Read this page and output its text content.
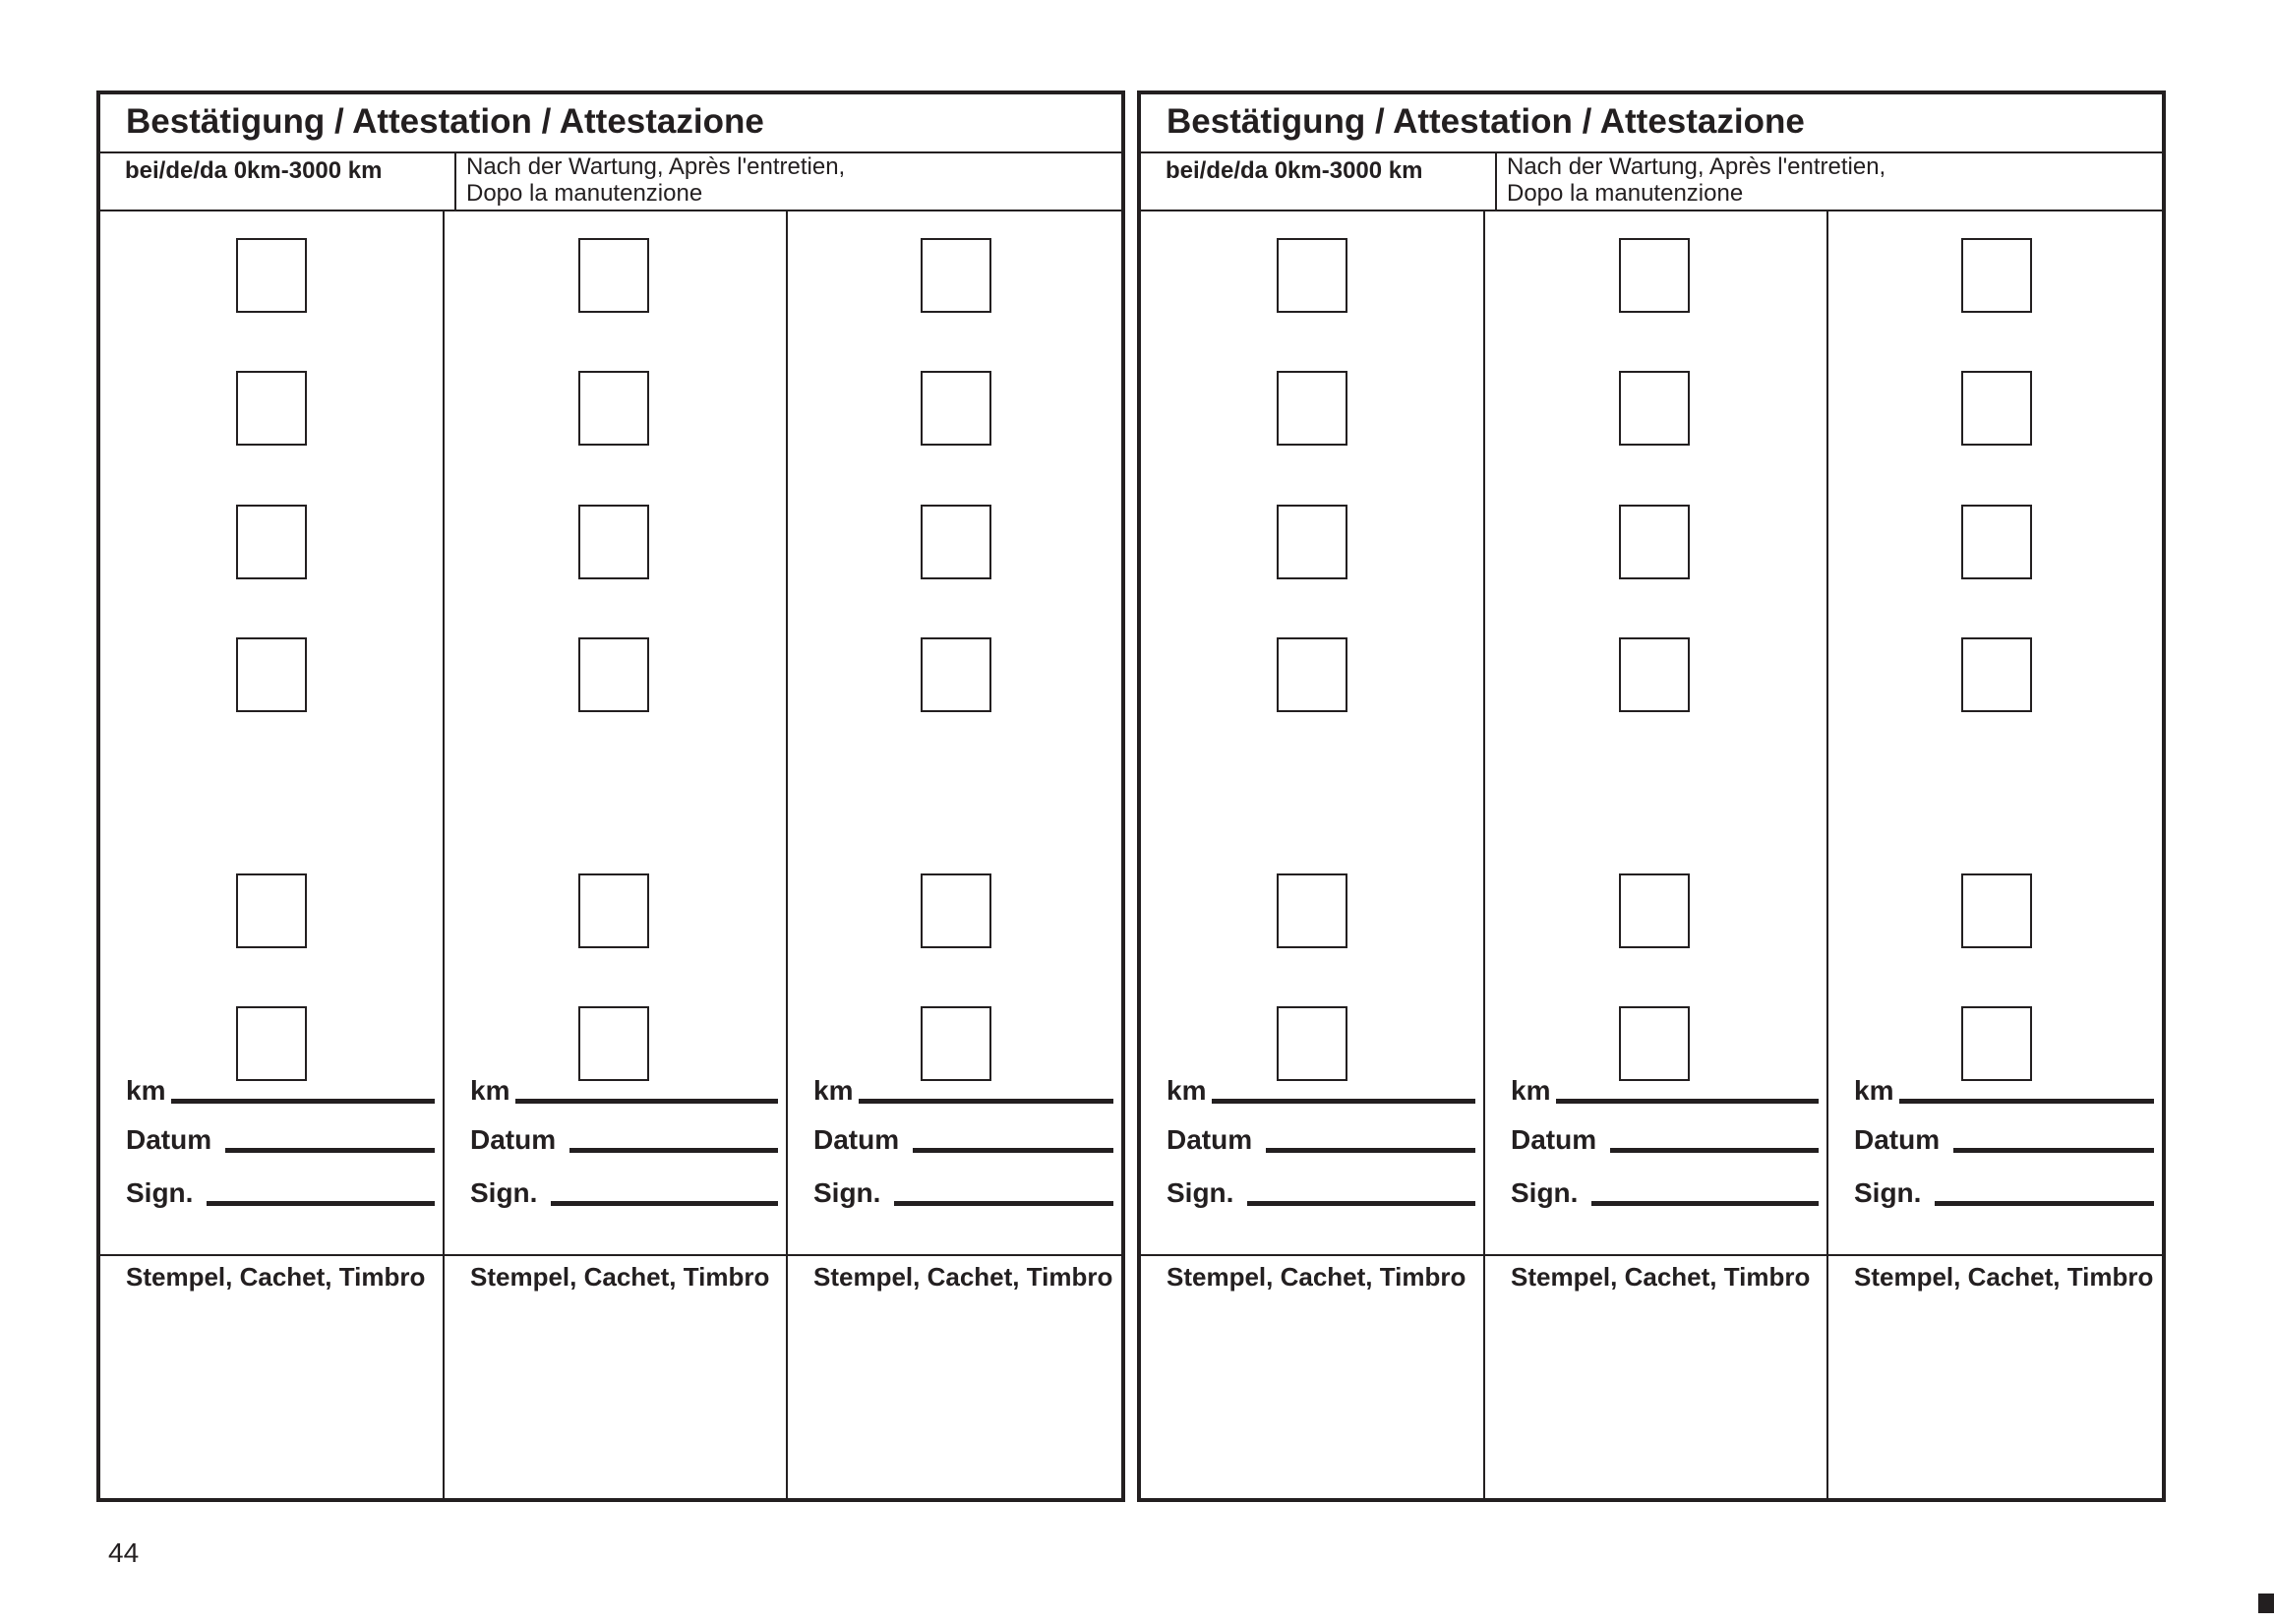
Bestätigung / Attestation / Attestazione
bei/de/da 0km-3000 km	Nach der Wartung, Après l'entretien,
Dopo la manutenzione
km
Datum
Sign.
Stempel, Cachet, Timbro
km
Datum
Sign.
Stempel, Cachet, Timbro
km
Datum
Sign.
Stempel, Cachet, Timbro
Bestätigung / Attestation / Attestazione
bei/de/da 0km-3000 km	Nach der Wartung, Après l'entretien,
Dopo la manutenzione
km
Datum
Sign.
Stempel, Cachet, Timbro
km
Datum
Sign.
Stempel, Cachet, Timbro
km
Datum
Sign.
Stempel, Cachet, Timbro
44
